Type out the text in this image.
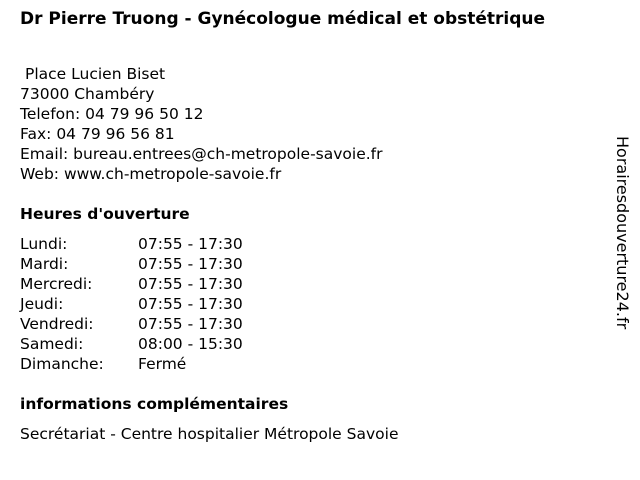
Dr Pierre Truong - Gynécologue médical et obstétrique
Place Lucien Biset
73000 Chambéry
Telefon: 04 79 96 50 12
Fax: 04 79 96 56 81
Email: bureau.entrees@ch-metropole-savoie.fr
Web: www.ch-metropole-savoie.fr
Heures d'ouverture
Lundi:	07:55 - 17:30
Mardi:	07:55 - 17:30
Mercredi:	07:55 - 17:30
Jeudi:	07:55 - 17:30
Vendredi:	07:55 - 17:30
Samedi:	08:00 - 15:30
Dimanche:	Fermé
informations complémentaires
Secrétariat - Centre hospitalier Métropole Savoie
Horairesdouverture24.fr
